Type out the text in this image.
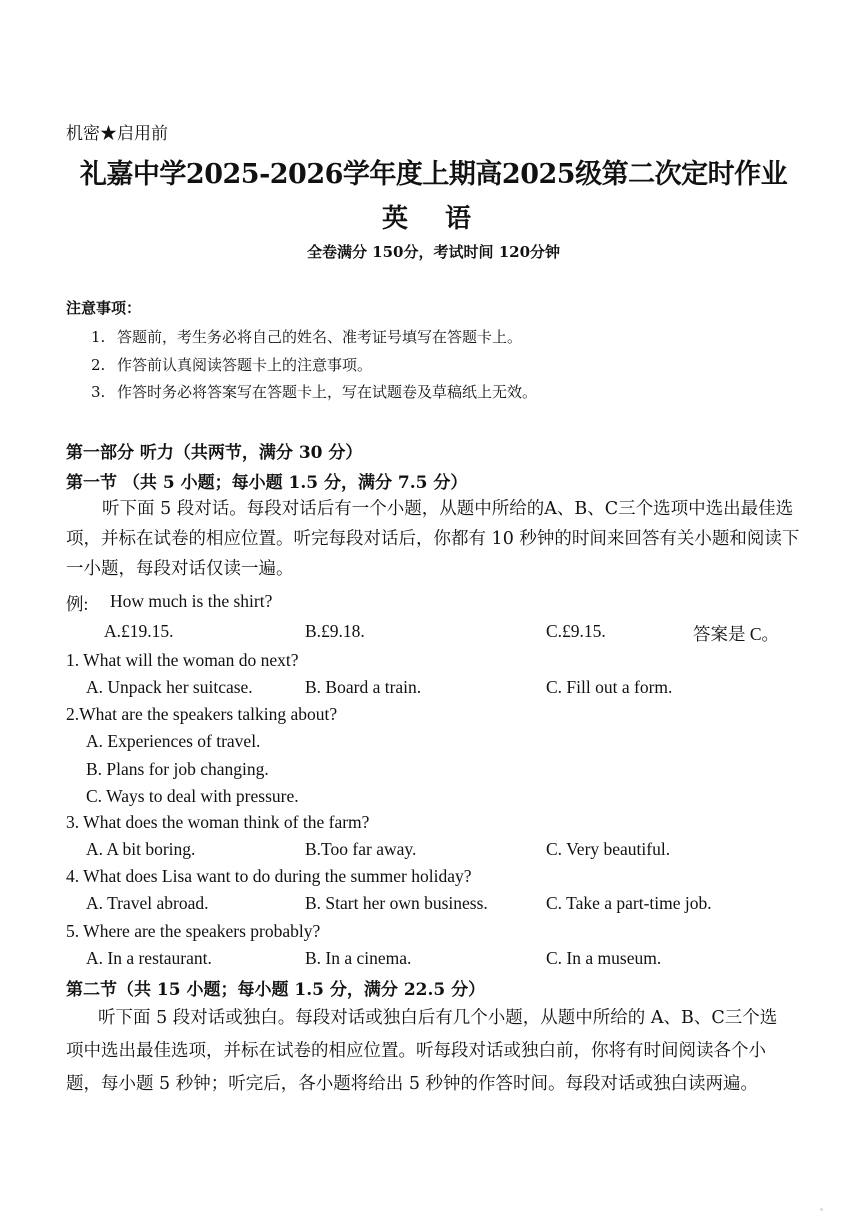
机密★启用前
礼嘉中学2025-2026学年度上期高2025级第二次定时作业
英 语
全卷满分 150分，考试时间 120分钟
注意事项：
1. 答题前，考生务必将自己的姓名、准考证号填写在答题卡上。
2. 作答前认真阅读答题卡上的注意事项。
3. 作答时务必将答案写在答题卡上，写在试题卷及草稿纸上无效。
第一部分 听力（共两节，满分 30 分）
第一节 （共 5 小题；每小题 1.5 分，满分 7.5 分）
听下面 5 段对话。每段对话后有一个小题，从题中所给的A、B、C三个选项中选出最佳选项，并标在试卷的相应位置。听完每段对话后，你都有 10 秒钟的时间来回答有关小题和阅读下一小题，每段对话仅读一遍。
例: How much is the shirt?
A.£19.15.	B.£9.18.	C.£9.15.	答案是 C。
1. What will the woman do next?
A. Unpack her suitcase.	B. Board a train.	C. Fill out a form.
2.What are the speakers talking about?
A. Experiences of travel.
B. Plans for job changing.
C. Ways to deal with pressure.
3. What does the woman think of the farm?
A. A bit boring.	B.Too far away.	C. Very beautiful.
4. What does Lisa want to do during the summer holiday?
A. Travel abroad.	B. Start her own business.	C. Take a part-time job.
5. Where are the speakers probably?
A. In a restaurant.	B. In a cinema.	C. In a museum.
第二节（共 15 小题；每小题 1.5 分，满分 22.5 分）
听下面 5 段对话或独白。每段对话或独白后有几个小题，从题中所给的 A、B、C三个选项中选出最佳选项，并标在试卷的相应位置。听每段对话或独白前，你将有时间阅读各个小题，每小题 5 秒钟；听完后，各小题将给出 5 秒钟的作答时间。每段对话或独白读两遍。
